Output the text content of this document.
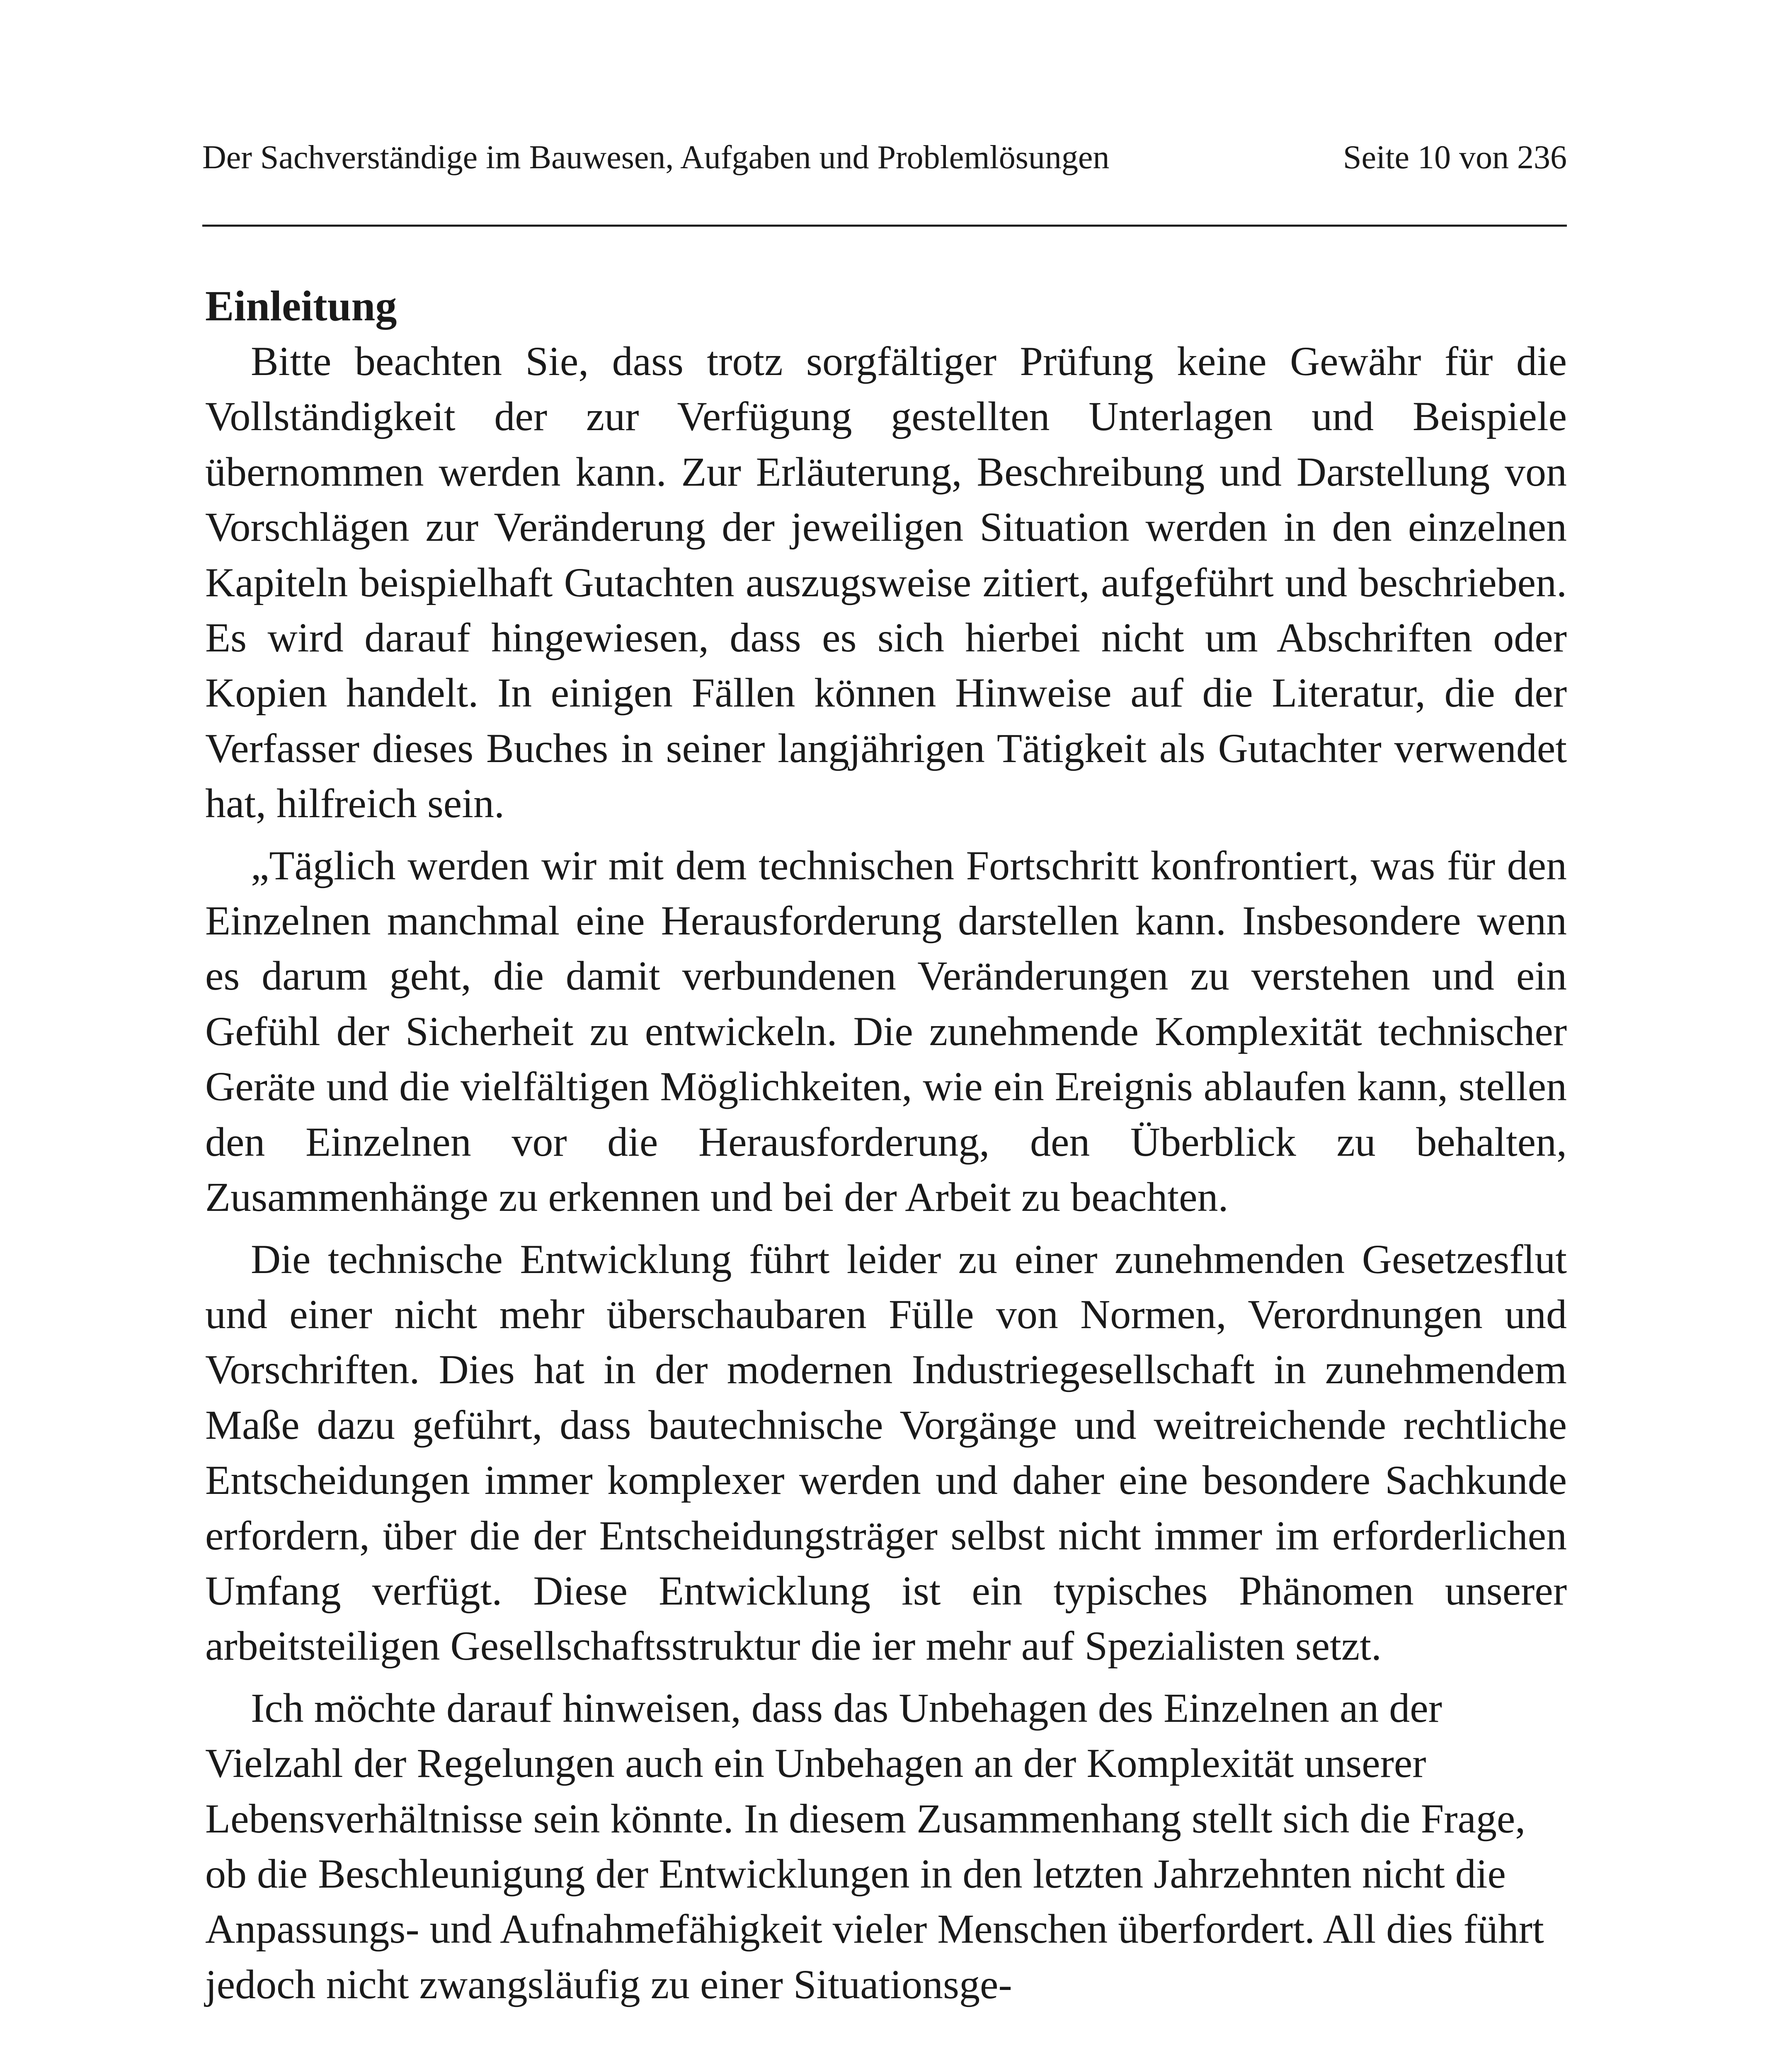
Der Sachverständige im Bauwesen, Aufgaben und Problemlösungen	Seite 10 von 236
Einleitung

Bitte beachten Sie, dass trotz sorgfältiger Prüfung keine Gewähr für die Vollständigkeit der zur Verfügung gestellten Unterlagen und Beispiele übernommen werden kann. Zur Erläuterung, Beschreibung und Darstellung von Vorschlägen zur Veränderung der jeweiligen Situation werden in den einzelnen Kapiteln beispielhaft Gutachten auszugsweise zitiert, aufgeführt und beschrieben. Es wird darauf hingewiesen, dass es sich hierbei nicht um Abschriften oder Kopien handelt. In einigen Fällen können Hinweise auf die Literatur, die der Verfasser dieses Buches in seiner langjährigen Tätigkeit als Gutachter verwendet hat, hilfreich sein.

„Täglich werden wir mit dem technischen Fortschritt konfrontiert, was für den Einzelnen manchmal eine Herausforderung darstellen kann. Insbesondere wenn es darum geht, die damit verbundenen Veränderungen zu verstehen und ein Gefühl der Sicherheit zu entwickeln. Die zunehmende Komplexität technischer Geräte und die vielfältigen Möglichkeiten, wie ein Ereignis ablaufen kann, stellen den Einzelnen vor die Herausforderung, den Überblick zu behalten, Zusammenhänge zu erkennen und bei der Arbeit zu beachten.

Die technische Entwicklung führt leider zu einer zunehmenden Gesetzesflut und einer nicht mehr überschaubaren Fülle von Normen, Verordnungen und Vorschriften. Dies hat in der modernen Industriegesellschaft in zunehmendem Maße dazu geführt, dass bautechnische Vorgänge und weitreichende rechtliche Entscheidungen immer komplexer werden und daher eine besondere Sachkunde erfordern, über die der Entscheidungsträger selbst nicht immer im erforderlichen Umfang verfügt. Diese Entwicklung ist ein typisches Phänomen unserer arbeitsteiligen Gesellschaftsstruktur die ier mehr auf Spezialisten setzt.

Ich möchte darauf hinweisen, dass das Unbehagen des Einzelnen an der Vielzahl der Regelungen auch ein Unbehagen an der Komplexität unserer Lebensverhältnisse sein könnte. In diesem Zusammenhang stellt sich die Frage, ob die Beschleunigung der Entwicklungen in den letzten Jahrzehnten nicht die Anpassungs- und Aufnahmefähigkeit vieler Menschen überfordert. All dies führt jedoch nicht zwangsläufig zu einer Situationsge-
